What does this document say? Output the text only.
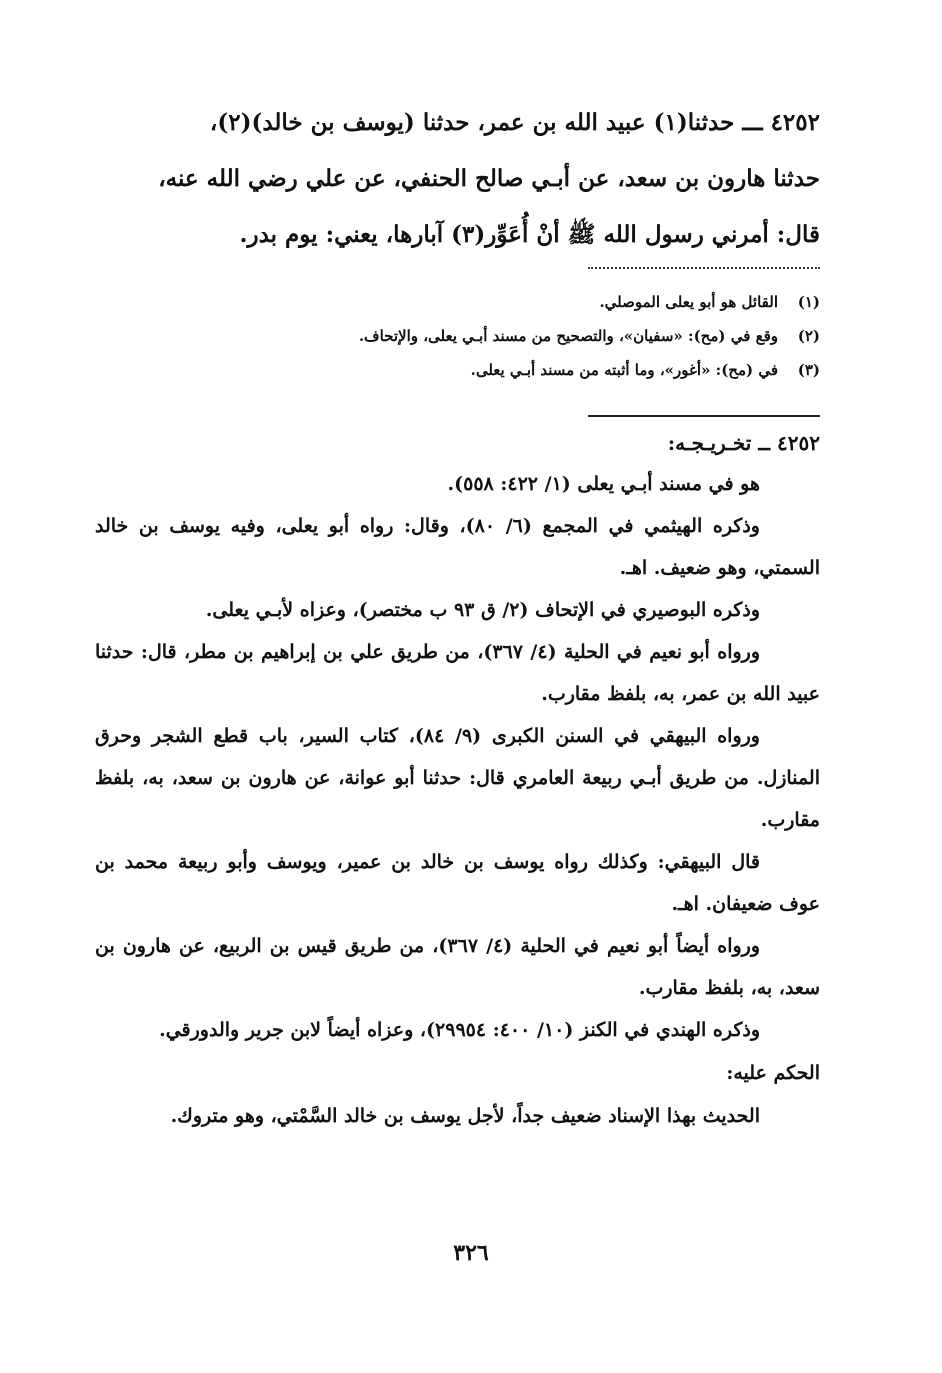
٤٢٥٢ ـــ حدثنا(١) عبيد الله بن عمر، حدثنا (يوسف بن خالد)(٢)،

حدثنا هارون بن سعد، عن أبـي صالح الحنفي، عن علي رضي الله عنه،

قال: أمرني رسول الله ﷺ أنْ أُعَوِّر(٣) آبارها، يعني: يوم بدر.

(١)القائل هو أبو يعلى الموصلي.

(٢)وقع في (مح): «سفيان»، والتصحيح من مسند أبـي يعلى، والإتحاف.

(٣)في (مح): «أغور»، وما أثبته من مسند أبـي يعلى.

٤٢٥٢ ــ تخـريـجـه:

هو في مسند أبـي يعلى (١/ ٤٢٢: ٥٥٨).

وذكره الهيثمي في المجمع (٦/ ٨٠)، وقال: رواه أبو يعلى، وفيه يوسف بن خالد السمتي، وهو ضعيف. اهـ.

وذكره البوصيري في الإتحاف (٢/ ق ٩٣ ب مختصر)، وعزاه لأبـي يعلى.

ورواه أبو نعيم في الحلية (٤/ ٣٦٧)، من طريق علي بن إبراهيم بن مطر، قال: حدثنا عبيد الله بن عمر، به، بلفظ مقارب.

ورواه البيهقي في السنن الكبرى (٩/ ٨٤)، كتاب السير، باب قطع الشجر وحرق المنازل. من طريق أبـي ربيعة العامري قال: حدثنا أبو عوانة، عن هارون بن سعد، به، بلفظ مقارب.

قال البيهقي: وكذلك رواه يوسف بن خالد بن عمير، ويوسف وأبو ربيعة محمد بن عوف ضعيفان. اهـ.

ورواه أيضاً أبو نعيم في الحلية (٤/ ٣٦٧)، من طريق قيس بن الربيع، عن هارون بن سعد، به، بلفظ مقارب.

وذكره الهندي في الكنز (١٠/ ٤٠٠: ٢٩٩٥٤)، وعزاه أيضاً لابن جرير والدورقي.

الحكم عليه:

الحديث بهذا الإسناد ضعيف جداً، لأجل يوسف بن خالد السَّمْتي، وهو متروك.

٣٢٦
